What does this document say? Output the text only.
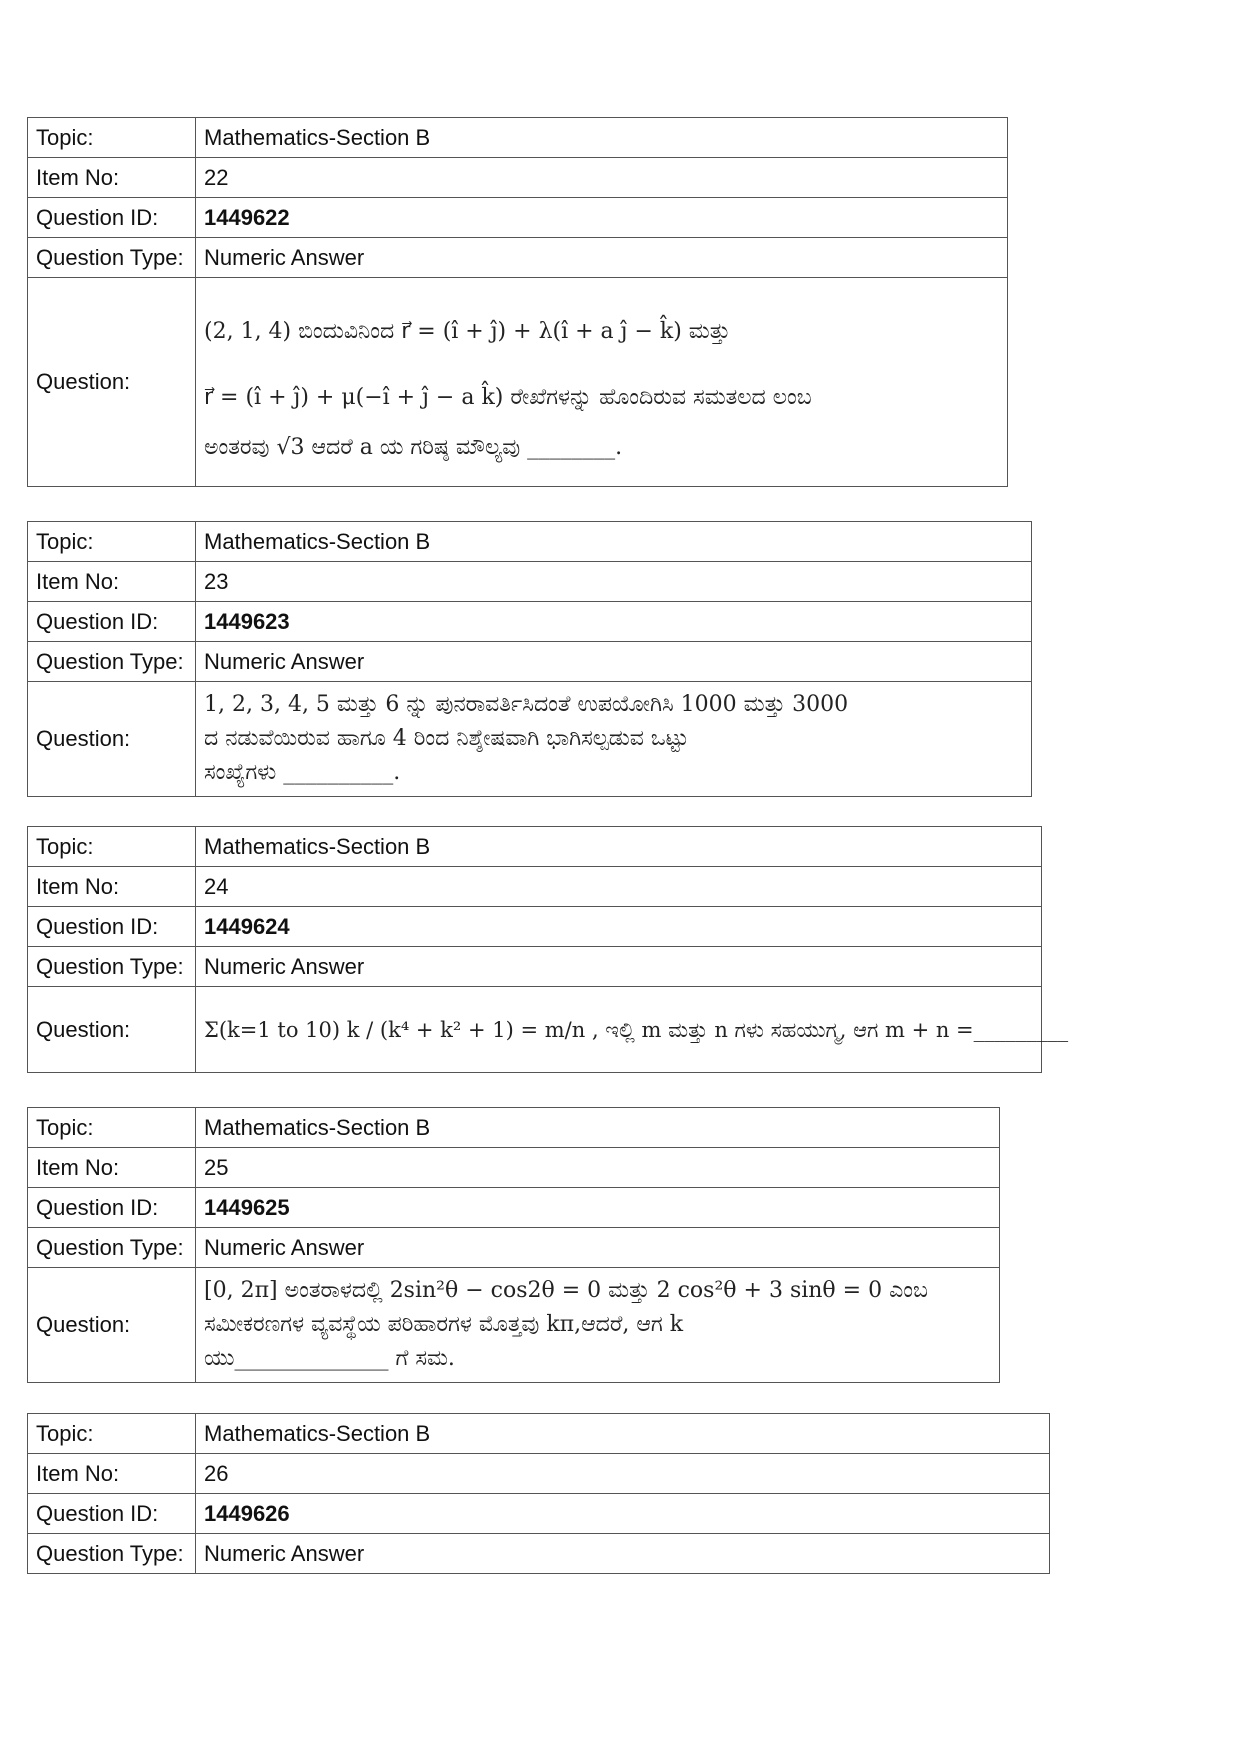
Topic:	Mathematics-Section B
Item No:	22
Question ID:	1449622
Question Type:	Numeric Answer
Question:	(2, 1, 4) ಬಿಂದುವಿನಿಂದ r⃗ = (î + ĵ) + λ(î + a ĵ − k̂) ಮತ್ತು
r⃗ = (î + ĵ) + μ(−î + ĵ − a k̂) ರೇಖೆಗಳನ್ನು ಹೊಂದಿರುವ ಸಮತಲದ ಲಂಬ
ಅಂತರವು √3 ಆದರೆ a ಯ ಗರಿಷ್ಠ ಮೌಲ್ಯವು ________.
Topic:	Mathematics-Section B
Item No:	23
Question ID:	1449623
Question Type:	Numeric Answer
Question:	1, 2, 3, 4, 5 ಮತ್ತು 6 ನ್ನು ಪುನರಾವರ್ತಿಸಿದಂತೆ ಉಪಯೋಗಿಸಿ 1000 ಮತ್ತು 3000
ದ ನಡುವೆಯಿರುವ ಹಾಗೂ 4 ರಿಂದ ನಿಶ್ಶೇಷವಾಗಿ ಭಾಗಿಸಲ್ಪಡುವ ಒಟ್ಟು
ಸಂಖ್ಯೆಗಳು __________.
Topic:	Mathematics-Section B
Item No:	24
Question ID:	1449624
Question Type:	Numeric Answer
Question:	Σ(k=1 to 10) k / (k⁴ + k² + 1) = m/n , ಇಲ್ಲಿ m ಮತ್ತು n ಗಳು ಸಹಯುಗ್ಮ, ಆಗ m + n =_________
Topic:	Mathematics-Section B
Item No:	25
Question ID:	1449625
Question Type:	Numeric Answer
Question:	[0, 2π] ಅಂತರಾಳದಲ್ಲಿ 2sin²θ − cos2θ = 0 ಮತ್ತು 2 cos²θ + 3 sinθ = 0 ಎಂಬ
ಸಮೀಕರಣಗಳ ವ್ಯವಸ್ಥೆಯ ಪರಿಹಾರಗಳ ಮೊತ್ತವು kπ,ಆದರೆ, ಆಗ k
ಯು______________ ಗೆ ಸಮ.
Topic:	Mathematics-Section B
Item No:	26
Question ID:	1449626
Question Type:	Numeric Answer
